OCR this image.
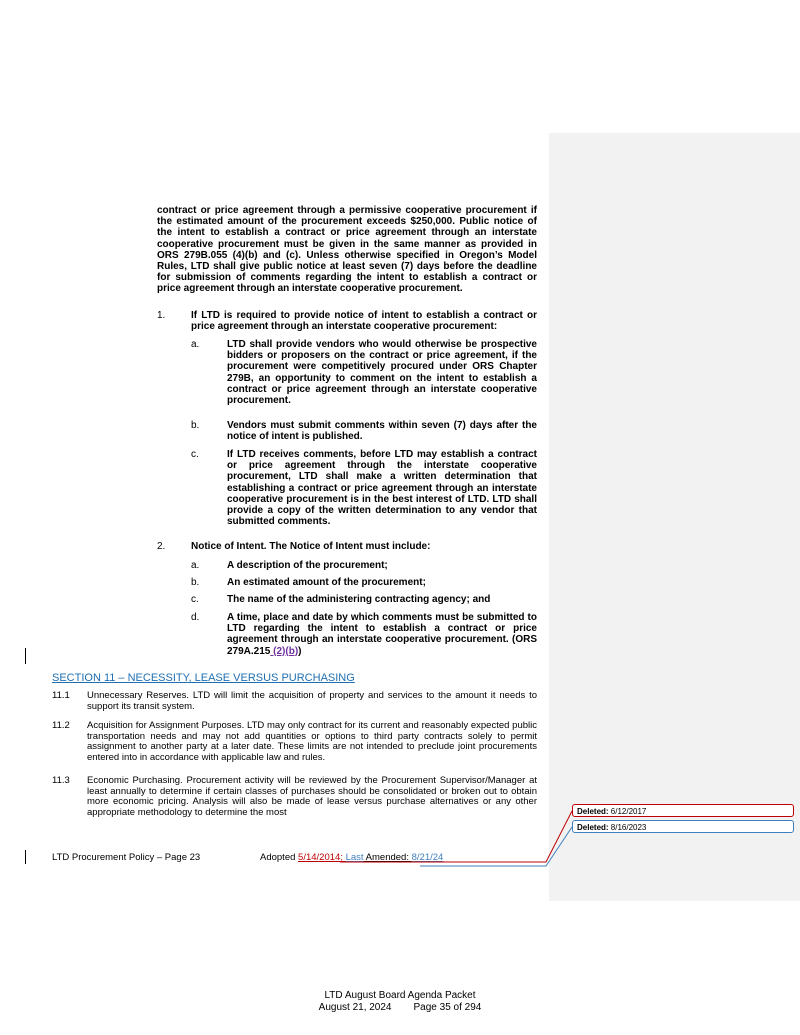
contract or price agreement through a permissive cooperative procurement if the estimated amount of the procurement exceeds $250,000. Public notice of the intent to establish a contract or price agreement through an interstate cooperative procurement must be given in the same manner as provided in ORS 279B.055 (4)(b) and (c). Unless otherwise specified in Oregon’s Model Rules, LTD shall give public notice at least seven (7) days before the deadline for submission of comments regarding the intent to establish a contract or price agreement through an interstate cooperative procurement.
1.	If LTD is required to provide notice of intent to establish a contract or price agreement through an interstate cooperative procurement:
a.	LTD shall provide vendors who would otherwise be prospective bidders or proposers on the contract or price agreement, if the procurement were competitively procured under ORS Chapter 279B, an opportunity to comment on the intent to establish a contract or price agreement through an interstate cooperative procurement.
b.	Vendors must submit comments within seven (7) days after the notice of intent is published.
c.	If LTD receives comments, before LTD may establish a contract or price agreement through the interstate cooperative procurement, LTD shall make a written determination that establishing a contract or price agreement through an interstate cooperative procurement is in the best interest of LTD. LTD shall provide a copy of the written determination to any vendor that submitted comments.
2.	Notice of Intent. The Notice of Intent must include:
a.	A description of the procurement;
b.	An estimated amount of the procurement;
c.	The name of the administering contracting agency; and
d.	A time, place and date by which comments must be submitted to LTD regarding the intent to establish a contract or price agreement through an interstate cooperative procurement. (ORS 279A.215 (2)(b))
SECTION 11 – NECESSITY, LEASE VERSUS PURCHASING
11.1 Unnecessary Reserves. LTD will limit the acquisition of property and services to the amount it needs to support its transit system.
11.2 Acquisition for Assignment Purposes. LTD may only contract for its current and reasonably expected public transportation needs and may not add quantities or options to third party contracts solely to permit assignment to another party at a later date. These limits are not intended to preclude joint procurements entered into in accordance with applicable law and rules.
11.3 Economic Purchasing. Procurement activity will be reviewed by the Procurement Supervisor/Manager at least annually to determine if certain classes of purchases should be consolidated or broken out to obtain more economic pricing. Analysis will also be made of lease versus purchase alternatives or any other appropriate methodology to determine the most
LTD Procurement Policy – Page 23	Adopted 5/14/2014; Last Amended: 8/21/24
Deleted: 6/12/2017
Deleted: 8/16/2023
LTD August Board Agenda Packet
August 21, 2024 Page 35 of 294
